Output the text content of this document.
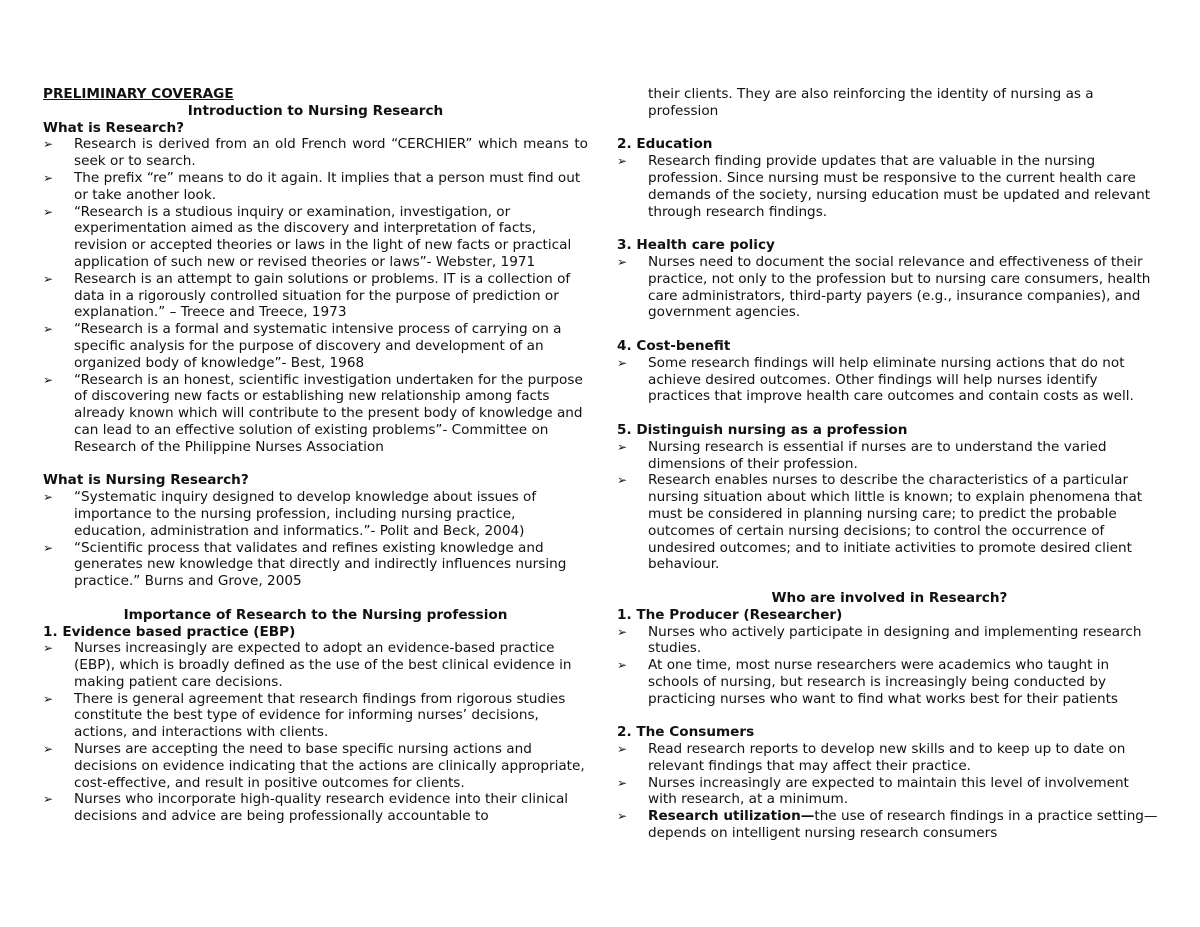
PRELIMINARY COVERAGE
Introduction to Nursing Research
What is Research?
➢	Research is derived from an old French word “CERCHIER” which means to seek or to search.
➢	The prefix “re” means to do it again. It implies that a person must find out or take another look.
➢	“Research is a studious inquiry or examination, investigation, or experimentation aimed as the discovery and interpretation of facts, revision or accepted theories or laws in the light of new facts or practical application of such new or revised theories or laws”- Webster, 1971
➢	Research is an attempt to gain solutions or problems. IT is a collection of data in a rigorously controlled situation for the purpose of prediction or explanation.” – Treece and Treece, 1973
➢	“Research is a formal and systematic intensive process of carrying on a specific analysis for the purpose of discovery and development of an organized body of knowledge”- Best, 1968
➢	“Research is an honest, scientific investigation undertaken for the purpose of discovering new facts or establishing new relationship among facts already known which will contribute to the present body of knowledge and can lead to an effective solution of existing problems”- Committee on Research of the Philippine Nurses Association
What is Nursing Research?
➢	“Systematic inquiry designed to develop knowledge about issues of importance to the nursing profession, including nursing practice, education, administration and informatics.”- Polit and Beck, 2004)
➢	“Scientific process that validates and refines existing knowledge and generates new knowledge that directly and indirectly influences nursing practice.” Burns and Grove, 2005
Importance of Research to the Nursing profession
1. Evidence based practice (EBP)
➢	Nurses increasingly are expected to adopt an evidence-based practice (EBP), which is broadly defined as the use of the best clinical evidence in making patient care decisions.
➢	There is general agreement that research findings from rigorous studies constitute the best type of evidence for informing nurses’ decisions, actions, and interactions with clients.
➢	Nurses are accepting the need to base specific nursing actions and decisions on evidence indicating that the actions are clinically appropriate, cost-effective, and result in positive outcomes for clients.
➢	Nurses who incorporate high-quality research evidence into their clinical decisions and advice are being professionally accountable to
their clients. They are also reinforcing the identity of nursing as a profession
2. Education
➢	Research finding provide updates that are valuable in the nursing profession. Since nursing must be responsive to the current health care demands of the society, nursing education must be updated and relevant through research findings.
3. Health care policy
➢	Nurses need to document the social relevance and effectiveness of their practice, not only to the profession but to nursing care consumers, health care administrators, third-party payers (e.g., insurance companies), and government agencies.
4. Cost-benefit
➢	Some research findings will help eliminate nursing actions that do not achieve desired outcomes. Other findings will help nurses identify practices that improve health care outcomes and contain costs as well.
5. Distinguish nursing as a profession
➢	Nursing research is essential if nurses are to understand the varied dimensions of their profession.
➢	Research enables nurses to describe the characteristics of a particular nursing situation about which little is known; to explain phenomena that must be considered in planning nursing care; to predict the probable outcomes of certain nursing decisions; to control the occurrence of undesired outcomes; and to initiate activities to promote desired client behaviour.
Who are involved in Research?
1. The Producer (Researcher)
➢	Nurses who actively participate in designing and implementing research studies.
➢	At one time, most nurse researchers were academics who taught in schools of nursing, but research is increasingly being conducted by practicing nurses who want to find what works best for their patients
2. The Consumers
➢	Read research reports to develop new skills and to keep up to date on relevant findings that may affect their practice.
➢	Nurses increasingly are expected to maintain this level of involvement with research, at a minimum.
➢	Research utilization—the use of research findings in a practice setting— depends on intelligent nursing research consumers
